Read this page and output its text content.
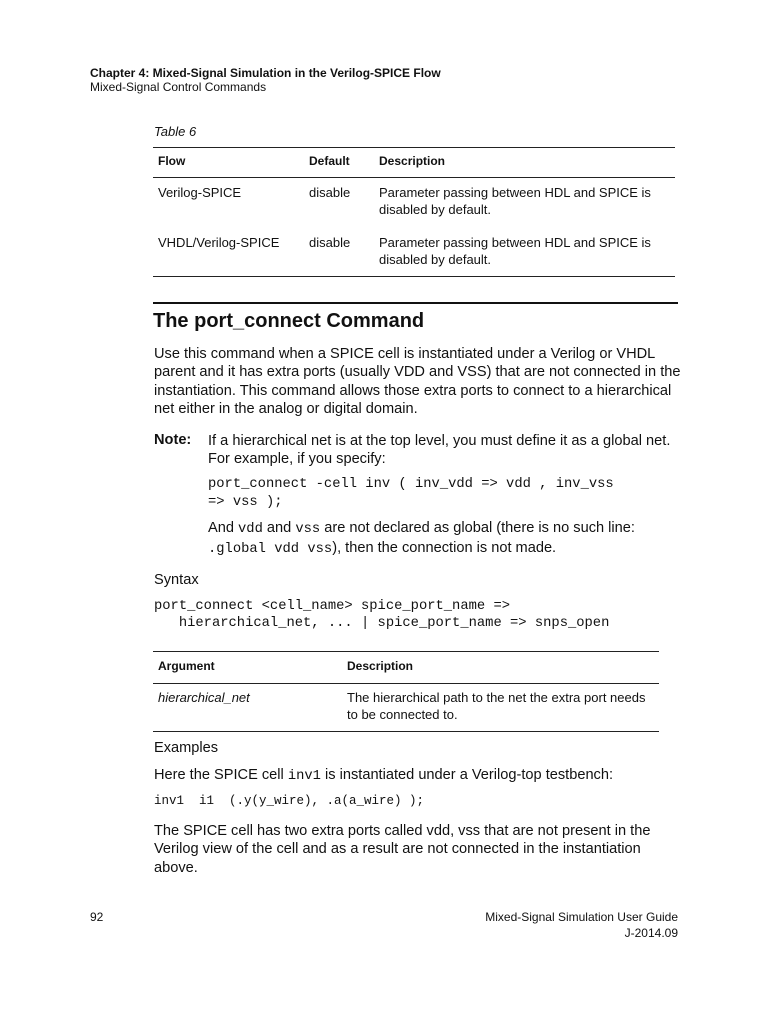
Chapter 4: Mixed-Signal Simulation in the Verilog-SPICE Flow
Mixed-Signal Control Commands
Table 6
Flow	Default Description
Verilog-SPICE	disable Parameter passing between HDL and SPICE is disabled by default.
VHDL/Verilog-SPICE disable Parameter passing between HDL and SPICE is disabled by default.
The port_connect Command
Use this command when a SPICE cell is instantiated under a Verilog or VHDL parent and it has extra ports (usually VDD and VSS) that are not connected in the instantiation. This command allows those extra ports to connect to a hierarchical net either in the analog or digital domain.
Note: If a hierarchical net is at the top level, you must define it as a global net. For example, if you specify:
port_connect -cell inv ( inv_vdd => vdd , inv_vss
=> vss );
And vdd and vss are not declared as global (there is no such line: .global vdd vss), then the connection is not made.
Syntax
port_connect <cell_name> spice_port_name =>
hierarchical_net, ... | spice_port_name => snps_open
Argument	Description
hierarchical_net	The hierarchical path to the net the extra port needs to be connected to.
Examples
Here the SPICE cell inv1 is instantiated under a Verilog-top testbench:
inv1  i1  (.y(y_wire), .a(a_wire) );
The SPICE cell has two extra ports called vdd, vss that are not present in the Verilog view of the cell and as a result are not connected in the instantiation above.
92	Mixed-Signal Simulation User Guide
J-2014.09
